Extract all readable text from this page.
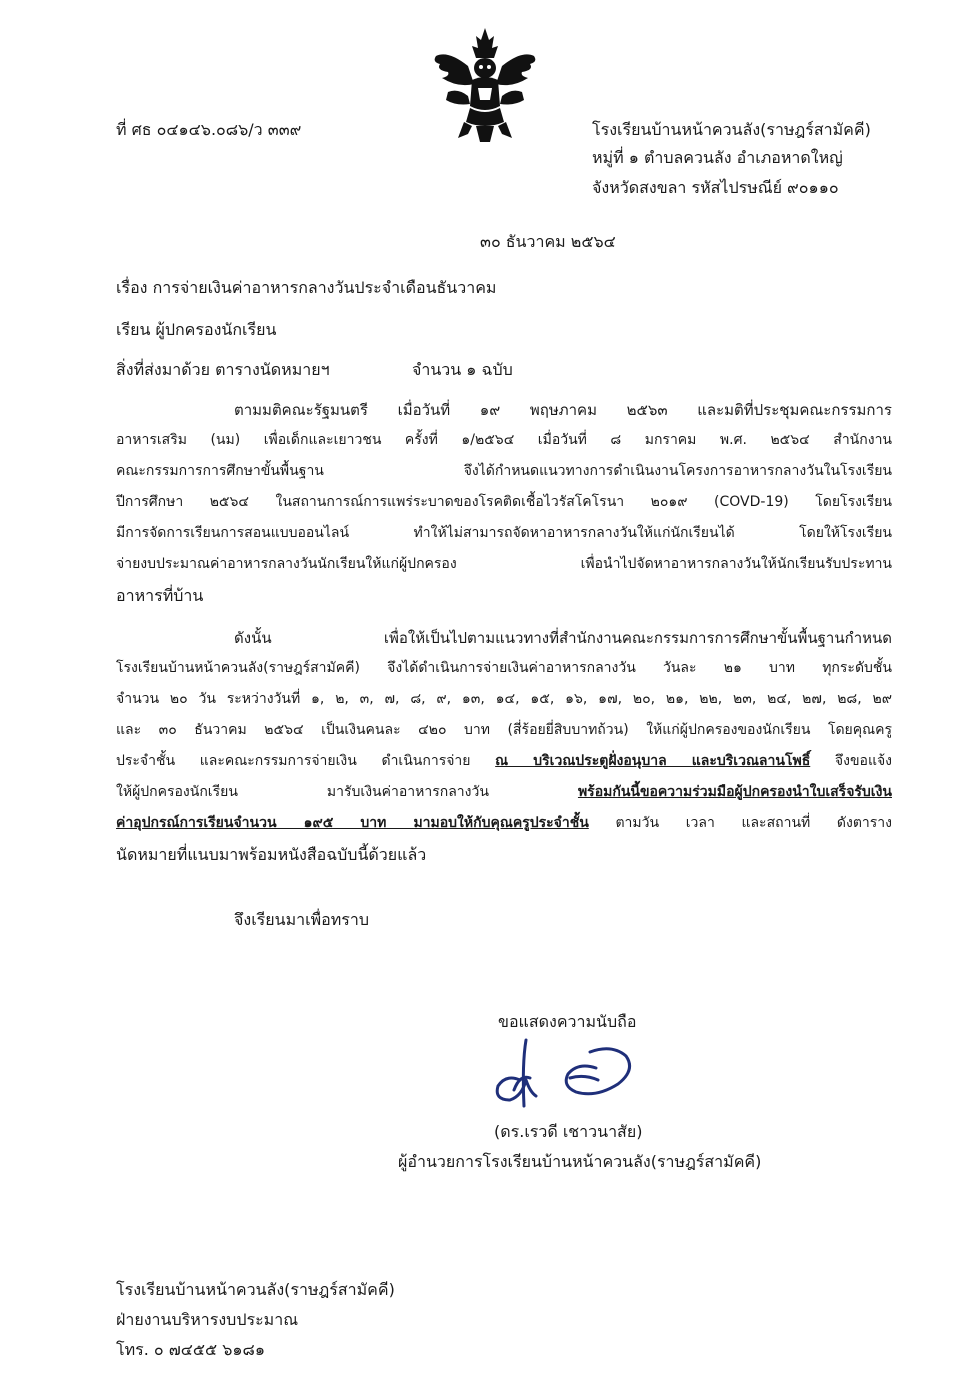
ที่ ศธ ๐๔๑๔๖.๐๘๖/ว ๓๓๙	โรงเรียนบ้านหน้าควนลัง(ราษฎร์สามัคคี)
หมู่ที่ ๑ ตำบลควนลัง อำเภอหาดใหญ่
จังหวัดสงขลา รหัสไปรษณีย์ ๙๐๑๑๐
๓๐ ธันวาคม ๒๕๖๔
เรื่อง การจ่ายเงินค่าอาหารกลางวันประจำเดือนธันวาคม
เรียน ผู้ปกครองนักเรียน
สิ่งที่ส่งมาด้วย ตารางนัดหมายฯ	จำนวน ๑ ฉบับ
ตามมติคณะรัฐมนตรี เมื่อวันที่ ๑๙ พฤษภาคม ๒๕๖๓ และมติที่ประชุมคณะกรรมการ
อาหารเสริม (นม) เพื่อเด็กและเยาวชน ครั้งที่ ๑/๒๕๖๔ เมื่อวันที่ ๘ มกราคม พ.ศ. ๒๕๖๔ สำนักงาน
คณะกรรมการการศึกษาขั้นพื้นฐาน จึงได้กำหนดแนวทางการดำเนินงานโครงการอาหารกลางวันในโรงเรียน
ปีการศึกษา ๒๕๖๔ ในสถานการณ์การแพร่ระบาดของโรคติดเชื้อไวรัสโคโรนา ๒๐๑๙ (COVD-19) โดยโรงเรียน
มีการจัดการเรียนการสอนแบบออนไลน์ ทำให้ไม่สามารถจัดหาอาหารกลางวันให้แก่นักเรียนได้ โดยให้โรงเรียน
จ่ายงบประมาณค่าอาหารกลางวันนักเรียนให้แก่ผู้ปกครอง เพื่อนำไปจัดหาอาหารกลางวันให้นักเรียนรับประทาน
อาหารที่บ้าน
ดังนั้น เพื่อให้เป็นไปตามแนวทางที่สำนักงานคณะกรรมการการศึกษาขั้นพื้นฐานกำหนด
โรงเรียนบ้านหน้าควนลัง(ราษฎร์สามัคคี) จึงได้ดำเนินการจ่ายเงินค่าอาหารกลางวัน วันละ ๒๑ บาท ทุกระดับชั้น
จำนวน ๒๐ วัน ระหว่างวันที่ ๑, ๒, ๓, ๗, ๘, ๙, ๑๓, ๑๔, ๑๕, ๑๖, ๑๗, ๒๐, ๒๑, ๒๒, ๒๓, ๒๔, ๒๗, ๒๘, ๒๙
และ ๓๐ ธันวาคม ๒๕๖๔ เป็นเงินคนละ ๔๒๐ บาท (สี่ร้อยยี่สิบบาทถ้วน) ให้แก่ผู้ปกครองของนักเรียน โดยคุณครู
ประจำชั้น และคณะกรรมการจ่ายเงิน ดำเนินการจ่าย ณ บริเวณประตูฝั่งอนุบาล และบริเวณลานโพธิ์ จึงขอแจ้ง
ให้ผู้ปกครองนักเรียน มารับเงินค่าอาหารกลางวัน พร้อมกันนี้ขอความร่วมมือผู้ปกครองนำใบเสร็จรับเงิน
ค่าอุปกรณ์การเรียนจำนวน ๑๙๕ บาท มามอบให้กับคุณครูประจำชั้น ตามวัน เวลา และสถานที่ ดังตาราง
นัดหมายที่แนบมาพร้อมหนังสือฉบับนี้ด้วยแล้ว
จึงเรียนมาเพื่อทราบ
ขอแสดงความนับถือ
(ดร.เรวดี เชาวนาสัย)
ผู้อำนวยการโรงเรียนบ้านหน้าควนลัง(ราษฎร์สามัคคี)
โรงเรียนบ้านหน้าควนลัง(ราษฎร์สามัคคี)
ฝ่ายงานบริหารงบประมาณ
โทร. ๐ ๗๔๕๕ ๖๑๘๑
